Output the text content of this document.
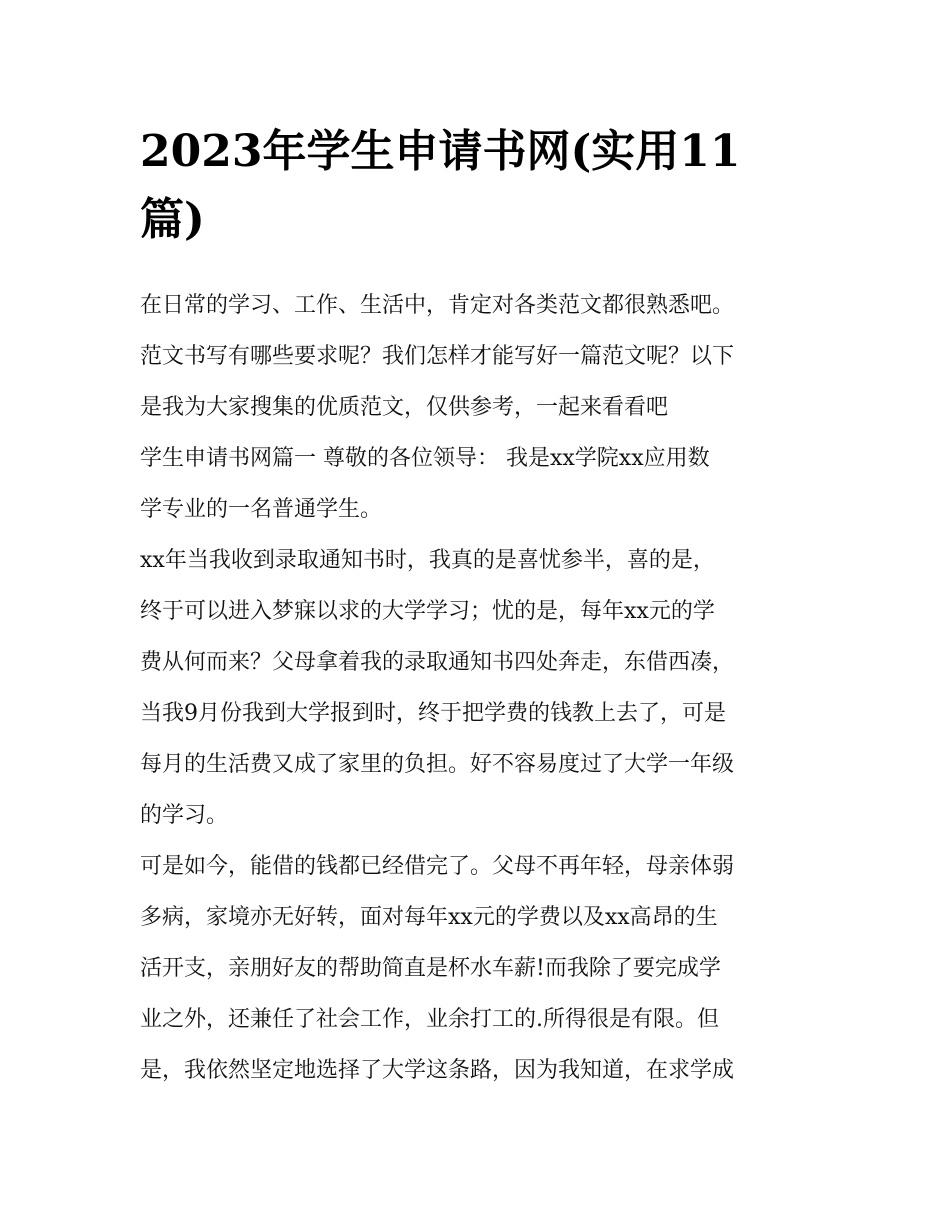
2023年学生申请书网(实用11
篇)

在日常的学习、工作、生活中，肯定对各类范文都很熟悉吧。
范文书写有哪些要求呢？我们怎样才能写好一篇范文呢？以下
是我为大家搜集的优质范文，仅供参考，一起来看看吧

学生申请书网篇一 尊敬的各位领导： 我是xx学院xx应用数
学专业的一名普通学生。

xx年当我收到录取通知书时，我真的是喜忧参半，喜的是，
终于可以进入梦寐以求的大学学习；忧的是，每年xx元的学
费从何而来？父母拿着我的录取通知书四处奔走，东借西凑，
当我9月份我到大学报到时，终于把学费的钱教上去了，可是
每月的生活费又成了家里的负担。好不容易度过了大学一年级
的学习。

可是如今，能借的钱都已经借完了。父母不再年轻，母亲体弱
多病，家境亦无好转，面对每年xx元的学费以及xx高昂的生
活开支，亲朋好友的帮助简直是杯水车薪!而我除了要完成学
业之外，还兼任了社会工作，业余打工的.所得很是有限。但
是，我依然坚定地选择了大学这条路，因为我知道，在求学成
